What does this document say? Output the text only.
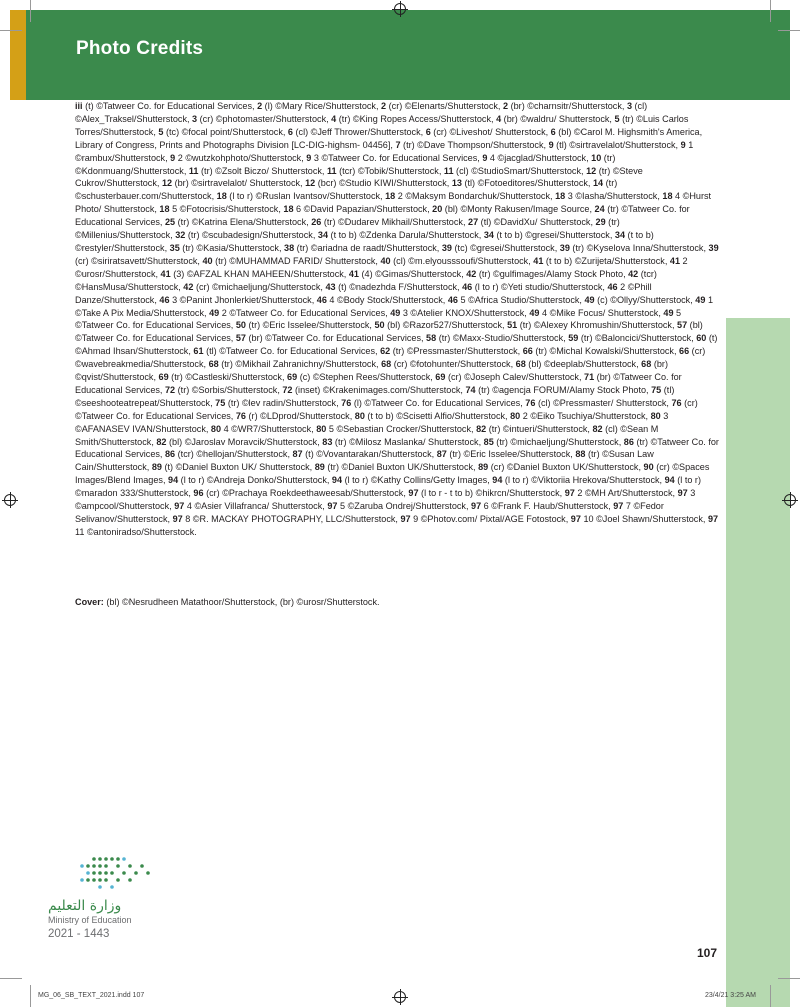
Photo Credits
iii (t) ©Tatweer Co. for Educational Services, 2 (l) ©Mary Rice/Shutterstock, 2 (cr) ©Elenarts/Shutterstock, 2 (br) ©charnsitr/Shutterstock, 3 (cl) ©Alex_Traksel/Shutterstock, 3 (cr) ©photomaster/Shutterstock, 4 (tr) ©King Ropes Access/Shutterstock, 4 (br) ©waldru/ Shutterstock, 5 (tr) ©Luis Carlos Torres/Shutterstock, 5 (tc) ©focal point/Shutterstock, 6 (cl) ©Jeff Thrower/Shutterstock, 6 (cr) ©Liveshot/ Shutterstock, 6 (bl) ©Carol M. Highsmith's America, Library of Congress, Prints and Photographs Division [LC-DIG-highsm- 04456], 7 (tr) ©Dave Thompson/Shutterstock, 9 (tl) ©sirtravelalot/Shutterstock, 9 1 ©rambux/Shutterstock, 9 2 ©wutzkohphoto/Shutterstock, 9 3 ©Tatweer Co. for Educational Services, 9 4 ©jacglad/Shutterstock, 10 (tr) ©Kdonmuang/Shutterstock, 11 (tr) ©Zsolt Biczo/ Shutterstock, 11 (tcr) ©Tobik/Shutterstock, 11 (cl) ©StudioSmart/Shutterstock, 12 (tr) ©Steve Cukrov/Shutterstock, 12 (br) ©sirtravelalot/ Shutterstock, 12 (bcr) ©Studio KIWI/Shutterstock, 13 (tl) ©Fotoeditores/Shutterstock, 14 (tr) ©schusterbauer.com/Shutterstock, 18 (l to r) ©Ruslan Ivantsov/Shutterstock, 18 2 ©Maksym Bondarchuk/Shutterstock, 18 3 ©Iasha/Shutterstock, 18 4 ©Hurst Photo/ Shutterstock, 18 5 ©Fotocrisis/Shutterstock, 18 6 ©David Papazian/Shutterstock, 20 (bl) ©Monty Rakusen/Image Source, 24 (tr) ©Tatweer Co. for Educational Services, 25 (tr) ©Katrina Elena/Shutterstock, 26 (tr) ©Dudarev Mikhail/Shutterstock, 27 (tl) ©DavidXu/ Shutterstock, 29 (tr) ©Millenius/Shutterstock, 32 (tr) ©scubadesign/Shutterstock, 34 (t to b) ©Zdenka Darula/Shutterstock, 34 (t to b) ©gresei/Shutterstock, 34 (t to b) ©restyler/Shutterstock, 35 (tr) ©Kasia/Shutterstock, 38 (tr) ©ariadna de raadt/Shutterstock, 39 (tc) ©gresei/Shutterstock, 39 (tr) ©Kyselova Inna/Shutterstock, 39 (cr) ©siriratsavett/Shutterstock, 40 (tr) ©MUHAMMAD FARID/ Shutterstock, 40 (cl) ©m.elyousssoufi/Shutterstock, 41 (t to b) ©Zurijeta/Shutterstock, 41 2 ©urosr/Shutterstock, 41 (3) ©AFZAL KHAN MAHEEN/Shutterstock, 41 (4) ©Gimas/Shutterstock, 42 (tr) ©gulfimages/Alamy Stock Photo, 42 (tcr) ©HansMusa/Shutterstock, 42 (cr) ©michaeljung/Shutterstock, 43 (t) ©nadezhda F/Shutterstock, 46 (l to r) ©Yeti studio/Shutterstock, 46 2 ©Phill Danze/Shutterstock, 46 3 ©Panint Jhonlerkiet/Shutterstock, 46 4 ©Body Stock/Shutterstock, 46 5 ©Africa Studio/Shutterstock, 49 (c) ©Ollyy/Shutterstock, 49 1 ©Take A Pix Media/Shutterstock, 49 2 ©Tatweer Co. for Educational Services, 49 3 ©Atelier KNOX/Shutterstock, 49 4 ©Mike Focus/ Shutterstock, 49 5 ©Tatweer Co. for Educational Services, 50 (tr) ©Eric Isselee/Shutterstock, 50 (bl) ©Razor527/Shutterstock, 51 (tr) ©Alexey Khromushin/Shutterstock, 57 (bl) ©Tatweer Co. for Educational Services, 57 (br) ©Tatweer Co. for Educational Services, 58 (tr) ©Maxx-Studio/Shutterstock, 59 (tr) ©Baloncici/Shutterstock, 60 (t) ©Ahmad Ihsan/Shutterstock, 61 (tl) ©Tatweer Co. for Educational Services, 62 (tr) ©Pressmaster/Shutterstock, 66 (tr) ©Michal Kowalski/Shutterstock, 66 (cr) ©wavebreakmedia/Shutterstock, 68 (tr) ©Mikhail Zahranichny/Shutterstock, 68 (cr) ©fotohunter/Shutterstock, 68 (bl) ©deeplab/Shutterstock, 68 (br) ©qvist/Shutterstock, 69 (tr) ©Castleski/Shutterstock, 69 (c) ©Stephen Rees/Shutterstock, 69 (cr) ©Joseph Calev/Shutterstock, 71 (br) ©Tatweer Co. for Educational Services, 72 (tr) ©Sorbis/Shutterstock, 72 (inset) ©Krakenimages.com/Shutterstock, 74 (tr) ©agencja FORUM/Alamy Stock Photo, 75 (tl) ©seeshooteatrepeat/Shutterstock, 75 (tr) ©lev radin/Shutterstock, 76 (l) ©Tatweer Co. for Educational Services, 76 (cl) ©Pressmaster/ Shutterstock, 76 (cr) ©Tatweer Co. for Educational Services, 76 (r) ©LDprod/Shutterstock, 80 (t to b) ©Scisetti Alfio/Shutterstock, 80 2 ©Eiko Tsuchiya/Shutterstock, 80 3 ©AFANASEV IVAN/Shutterstock, 80 4 ©WR7/Shutterstock, 80 5 ©Sebastian Crocker/Shutterstock, 82 (tr) ©intueri/Shutterstock, 82 (cl) ©Sean M Smith/Shutterstock, 82 (bl) ©Jaroslav Moravcik/Shutterstock, 83 (tr) ©Milosz Maslanka/ Shutterstock, 85 (tr) ©michaeljung/Shutterstock, 86 (tr) ©Tatweer Co. for Educational Services, 86 (tcr) ©hellojan/Shutterstock, 87 (t) ©Vovantarakan/Shutterstock, 87 (tr) ©Eric Isselee/Shutterstock, 88 (tr) ©Susan Law Cain/Shutterstock, 89 (t) ©Daniel Buxton UK/ Shutterstock, 89 (tr) ©Daniel Buxton UK/Shutterstock, 89 (cr) ©Daniel Buxton UK/Shutterstock, 90 (cr) ©Spaces Images/Blend Images, 94 (l to r) ©Andreja Donko/Shutterstock, 94 (l to r) ©Kathy Collins/Getty Images, 94 (l to r) ©Viktoriia Hrekova/Shutterstock, 94 (l to r) ©maradon 333/Shutterstock, 96 (cr) ©Prachaya Roekdeethaweesab/Shutterstock, 97 (l to r - t to b) ©hikrcn/Shutterstock, 97 2 ©MH Art/Shutterstock, 97 3 ©ampcool/Shutterstock, 97 4 ©Asier Villafranca/ Shutterstock, 97 5 ©Zaruba Ondrej/Shutterstock, 97 6 ©Frank F. Haub/Shutterstock, 97 7 ©Fedor Selivanov/Shutterstock, 97 8 ©R. MACKAY PHOTOGRAPHY, LLC/Shutterstock, 97 9 ©Photov.com/ Pixtal/AGE Fotostock, 97 10 ©Joel Shawn/Shutterstock, 97 11 ©antoniradso/Shutterstock.
Cover: (bl) ©Nesrudheen Matathoor/Shutterstock, (br) ©urosr/Shutterstock.
وزارة التعليم
Ministry of Education
2021 - 1443
107
MG_06_SB_TEXT_2021.indd 107	23/4/21 3:25 AM
